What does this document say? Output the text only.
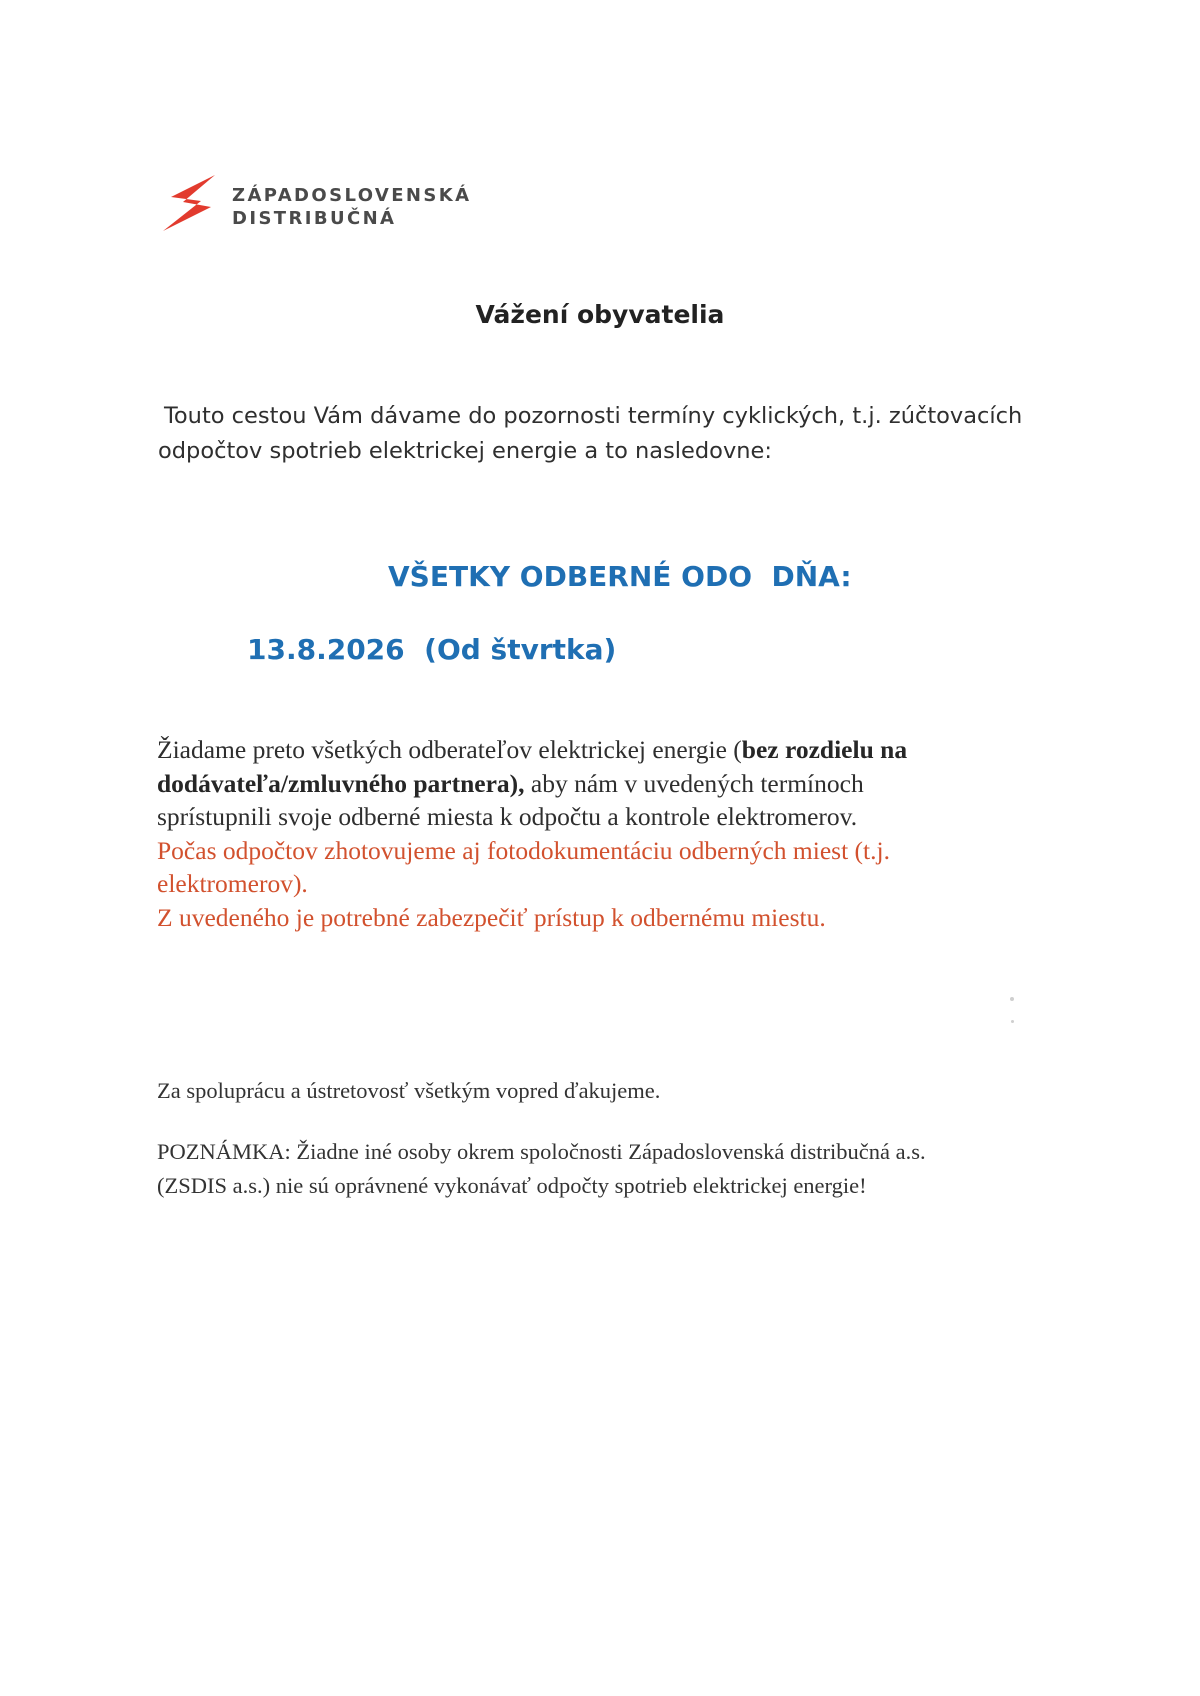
ZÁPADOSLOVENSKÁ
DISTRIBUČNÁ
Vážení obyvatelia

Touto cestou Vám dávame do pozornosti termíny cyklických, t.j. zúčtovacích
odpočtov spotrieb elektrickej energie a to nasledovne:

VŠETKY ODBERNÉ ODO  DŇA:

13.8.2026  (Od štvrtka)

Žiadame preto všetkých odberateľov elektrickej energie (bez rozdielu na
dodávateľa/zmluvného partnera), aby nám v uvedených termínoch
sprístupnili svoje odberné miesta k odpočtu a kontrole elektromerov.
Počas odpočtov zhotovujeme aj fotodokumentáciu odberných miest (t.j.
elektromerov).
Z uvedeného je potrebné zabezpečiť prístup k odbernému miestu.

Za spoluprácu a ústretovosť všetkým vopred ďakujeme.

POZNÁMKA: Žiadne iné osoby okrem spoločnosti Západoslovenská distribučná a.s.
(ZSDIS a.s.) nie sú oprávnené vykonávať odpočty spotrieb elektrickej energie!
